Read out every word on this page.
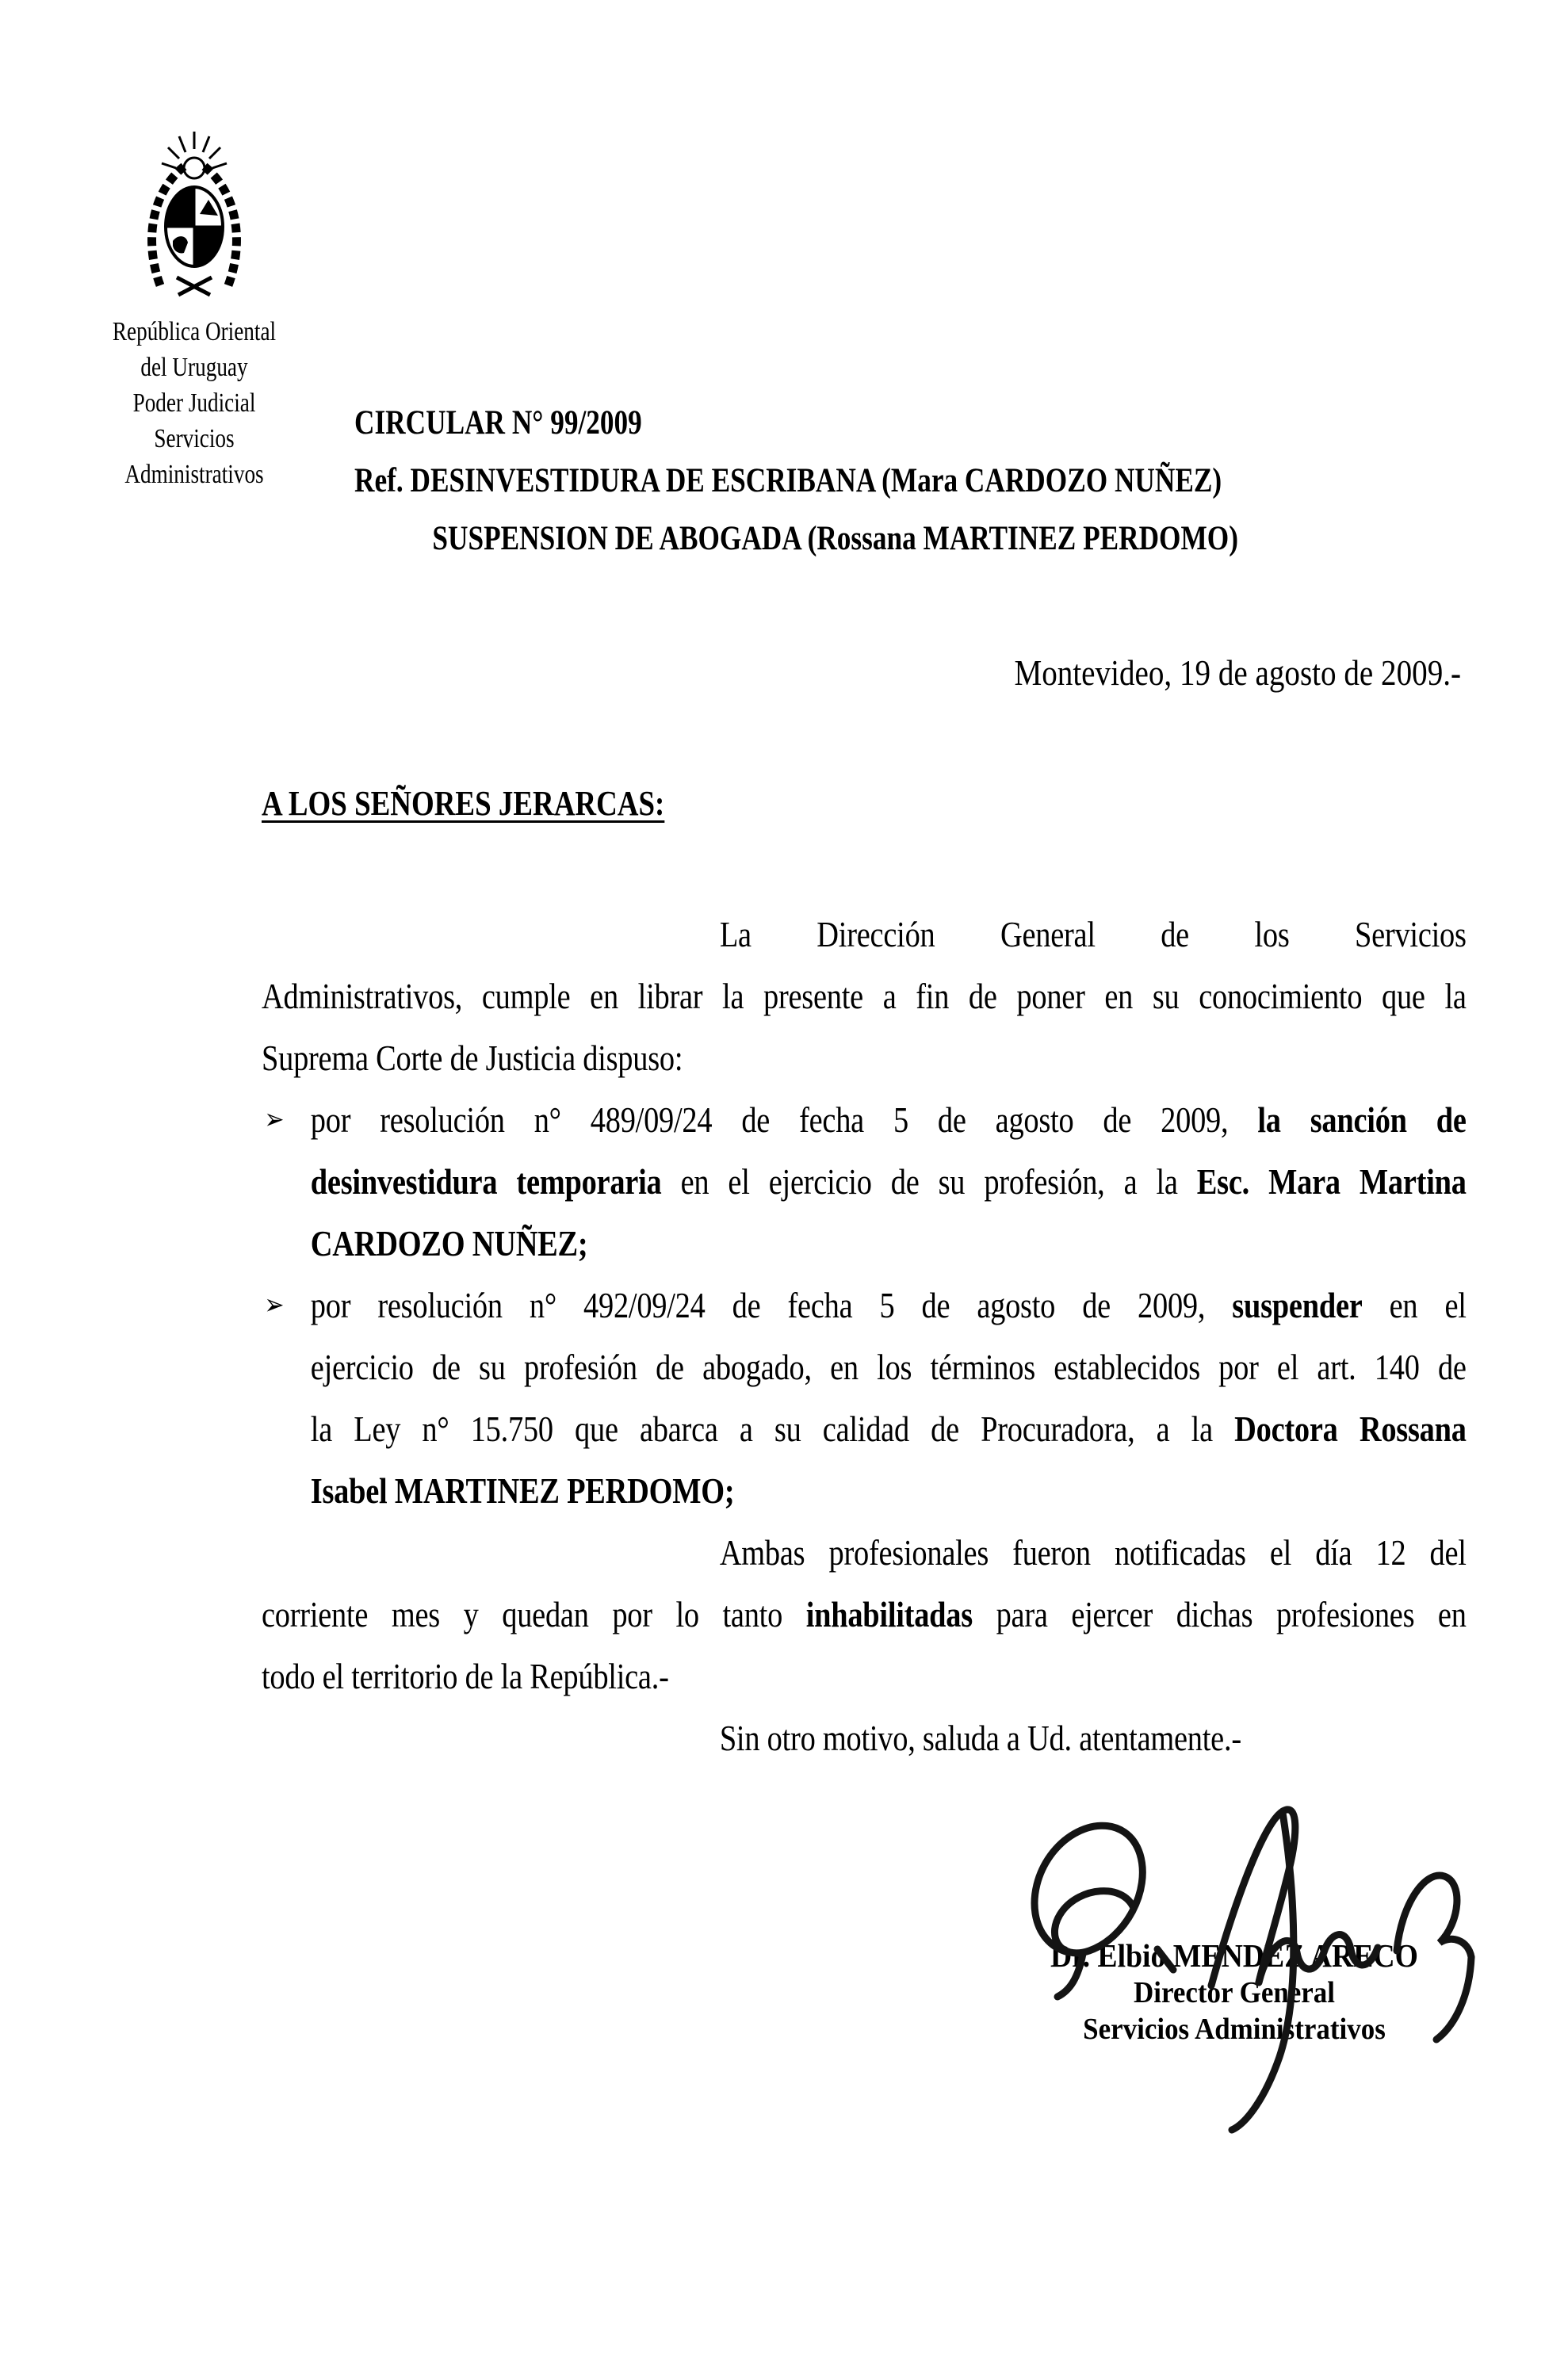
República Oriental
del Uruguay
Poder Judicial
Servicios
Administrativos
CIRCULAR N° 99/2009
Ref. DESINVESTIDURA DE ESCRIBANA (Mara CARDOZO NUÑEZ)
SUSPENSION DE ABOGADA (Rossana MARTINEZ PERDOMO)
Montevideo, 19 de agosto de 2009.-
A LOS SEÑORES JERARCAS:
La Dirección General de los Servicios
Administrativos, cumple en librar la presente a fin de poner en su conocimiento que la
Suprema Corte de Justicia dispuso:
➢ por resolución n° 489/09/24 de fecha 5 de agosto de 2009, la sanción de
desinvestidura temporaria en el ejercicio de su profesión, a la Esc. Mara Martina
CARDOZO NUÑEZ;
➢ por resolución n° 492/09/24 de fecha 5 de agosto de 2009, suspender en el
ejercicio de su profesión de abogado, en los términos establecidos por el art. 140 de
la Ley n° 15.750 que abarca a su calidad de Procuradora, a la Doctora Rossana
Isabel MARTINEZ PERDOMO;
Ambas profesionales fueron notificadas el día 12 del
corriente mes y quedan por lo tanto inhabilitadas para ejercer dichas profesiones en
todo el territorio de la República.-
Sin otro motivo, saluda a Ud. atentamente.-
Dr. Elbio MENDEZ ARECO
Director General
Servicios Administrativos
